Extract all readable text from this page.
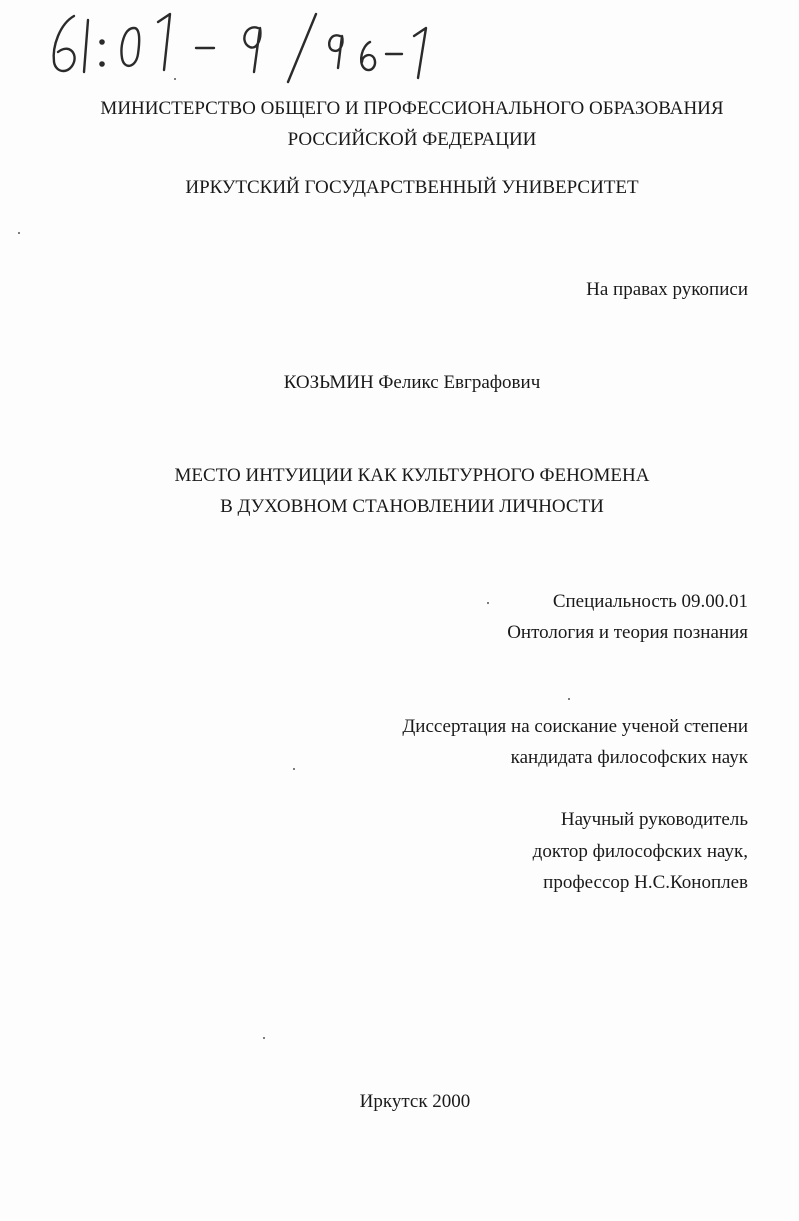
МИНИСТЕРСТВО ОБЩЕГО И ПРОФЕССИОНАЛЬНОГО ОБРАЗОВАНИЯ
РОССИЙСКОЙ ФЕДЕРАЦИИ
ИРКУТСКИЙ ГОСУДАРСТВЕННЫЙ УНИВЕРСИТЕТ
На правах рукописи
КОЗЬМИН Феликс Евграфович
МЕСТО ИНТУИЦИИ КАК КУЛЬТУРНОГО ФЕНОМЕНА
В ДУХОВНОМ СТАНОВЛЕНИИ ЛИЧНОСТИ
Специальность 09.00.01
Онтология и теория познания
Диссертация на соискание ученой степени
кандидата философских наук
Научный руководитель
доктор философских наук,
профессор Н.С.Коноплев
Иркутск 2000
